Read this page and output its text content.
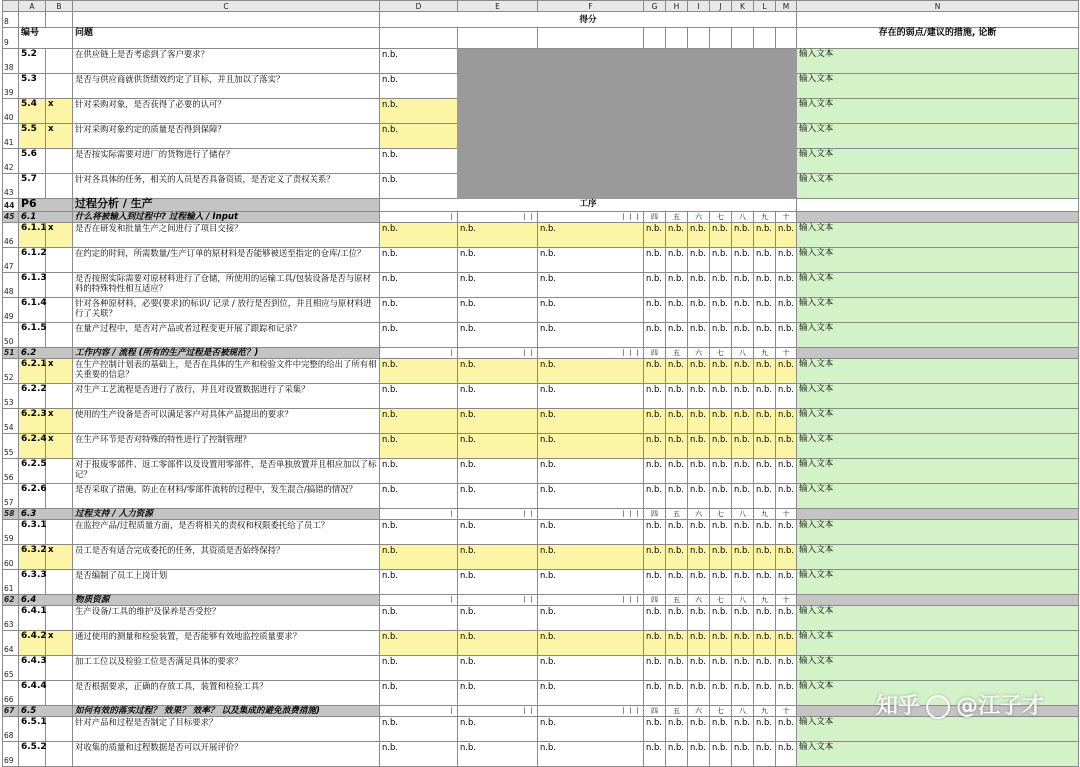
	A	B	C	D	E	F	G	H	I	J	K	L	M	N
8				得分										
9	编号		问题											存在的弱点/建议的措施, 论断
38	5.2		在供应链上是否考虑到了客户要求？	n.b.										输入文本
39	5.3		是否与供应商就供货绩效约定了目标，并且加以了落实？	n.b.										输入文本
40	5.4	x	针对采购对象，是否获得了必要的认可？	n.b.										输入文本
41	5.5	x	针对采购对象约定的质量是否得到保障？	n.b.										输入文本
42	5.6		是否按实际需要对进厂的货物进行了储存？	n.b.										输入文本
43	5.7		针对各具体的任务，相关的人员是否具备资质，是否定义了责权关系？	n.b.										输入文本
44	P6		过程分析 / 生产	工序										
45	6.1		什么将被输入到过程中? 过程输入 / Input	丨	丨丨	丨丨丨	四	五	六	七	八	九	十	
46	6.1.1	x	是否在研发和批量生产之间进行了项目交接？	n.b.	n.b.	n.b.	n.b.	n.b.	n.b.	n.b.	n.b.	n.b.	n.b.	输入文本
47	6.1.2		在约定的时间，所需数量/生产订单的原材料是否能够被送至指定的仓库/工位？	n.b.	n.b.	n.b.	n.b.	n.b.	n.b.	n.b.	n.b.	n.b.	n.b.	输入文本
48	6.1.3		是否按照实际需要对原材料进行了仓储，所使用的运输工具/包装设备是否与原材料的特殊特性相互适应？	n.b.	n.b.	n.b.	n.b.	n.b.	n.b.	n.b.	n.b.	n.b.	n.b.	输入文本
49	6.1.4		针对各种原材料，必要(要求)的标识/ 记录 / 放行是否到位，并且相应与原材料进行了关联？	n.b.	n.b.	n.b.	n.b.	n.b.	n.b.	n.b.	n.b.	n.b.	n.b.	输入文本
50	6.1.5		在量产过程中，是否对产品或者过程变更开展了跟踪和记录？	n.b.	n.b.	n.b.	n.b.	n.b.	n.b.	n.b.	n.b.	n.b.	n.b.	输入文本
51	6.2		工作内容 / 流程 (所有的生产过程是否被规范？)	丨	丨丨	丨丨丨	四	五	六	七	八	九	十	
52	6.2.1	x	在生产控制计划表的基础上，是否在具体的生产和检验文件中完整的给出了所有相关重要的信息？	n.b.	n.b.	n.b.	n.b.	n.b.	n.b.	n.b.	n.b.	n.b.	n.b.	输入文本
53	6.2.2		对生产工艺流程是否进行了放行，并且对设置数据进行了采集？	n.b.	n.b.	n.b.	n.b.	n.b.	n.b.	n.b.	n.b.	n.b.	n.b.	输入文本
54	6.2.3	x	使用的生产设备是否可以满足客户对具体产品提出的要求？	n.b.	n.b.	n.b.	n.b.	n.b.	n.b.	n.b.	n.b.	n.b.	n.b.	输入文本
55	6.2.4	x	在生产环节是否对特殊的特性进行了控制管理？	n.b.	n.b.	n.b.	n.b.	n.b.	n.b.	n.b.	n.b.	n.b.	n.b.	输入文本
56	6.2.5		对于报废零部件、返工零部件以及设置用零部件，是否单独放置并且相应加以了标记？	n.b.	n.b.	n.b.	n.b.	n.b.	n.b.	n.b.	n.b.	n.b.	n.b.	输入文本
57	6.2.6		是否采取了措施，防止在材料/零部件流转的过程中，发生混合/搞错的情况？	n.b.	n.b.	n.b.	n.b.	n.b.	n.b.	n.b.	n.b.	n.b.	n.b.	输入文本
58	6.3		过程支持 / 人力资源	丨	丨丨	丨丨丨	四	五	六	七	八	九	十	
59	6.3.1		在监控产品/过程质量方面，是否将相关的责权和权限委托给了员工？	n.b.	n.b.	n.b.	n.b.	n.b.	n.b.	n.b.	n.b.	n.b.	n.b.	输入文本
60	6.3.2	x	员工是否有适合完成委托的任务，其资质是否始终保持？	n.b.	n.b.	n.b.	n.b.	n.b.	n.b.	n.b.	n.b.	n.b.	n.b.	输入文本
61	6.3.3		是否编制了员工上岗计划	n.b.	n.b.	n.b.	n.b.	n.b.	n.b.	n.b.	n.b.	n.b.	n.b.	输入文本
62	6.4		物质资源	丨	丨丨	丨丨丨	四	五	六	七	八	九	十	
63	6.4.1		生产设备/工具的维护及保养是否受控？	n.b.	n.b.	n.b.	n.b.	n.b.	n.b.	n.b.	n.b.	n.b.	n.b.	输入文本
64	6.4.2	x	通过使用的测量和检验装置，是否能够有效地监控质量要求？	n.b.	n.b.	n.b.	n.b.	n.b.	n.b.	n.b.	n.b.	n.b.	n.b.	输入文本
65	6.4.3		加工工位以及检验工位是否满足具体的要求？	n.b.	n.b.	n.b.	n.b.	n.b.	n.b.	n.b.	n.b.	n.b.	n.b.	输入文本
66	6.4.4		是否根据要求，正确的存放工具，装置和检验工具？	n.b.	n.b.	n.b.	n.b.	n.b.	n.b.	n.b.	n.b.	n.b.	n.b.	输入文本
67	6.5		如何有效的落实过程？ 效果？ 效率？ 以及集成的避免浪费措施)	丨	丨丨	丨丨丨	四	五	六	七	八	九	十	
68	6.5.1		针对产品和过程是否制定了目标要求？	n.b.	n.b.	n.b.	n.b.	n.b.	n.b.	n.b.	n.b.	n.b.	n.b.	输入文本
69	6.5.2		对收集的质量和过程数据是否可以开展评价？	n.b.	n.b.	n.b.	n.b.	n.b.	n.b.	n.b.	n.b.	n.b.	n.b.	输入文本
知乎 @江子才
